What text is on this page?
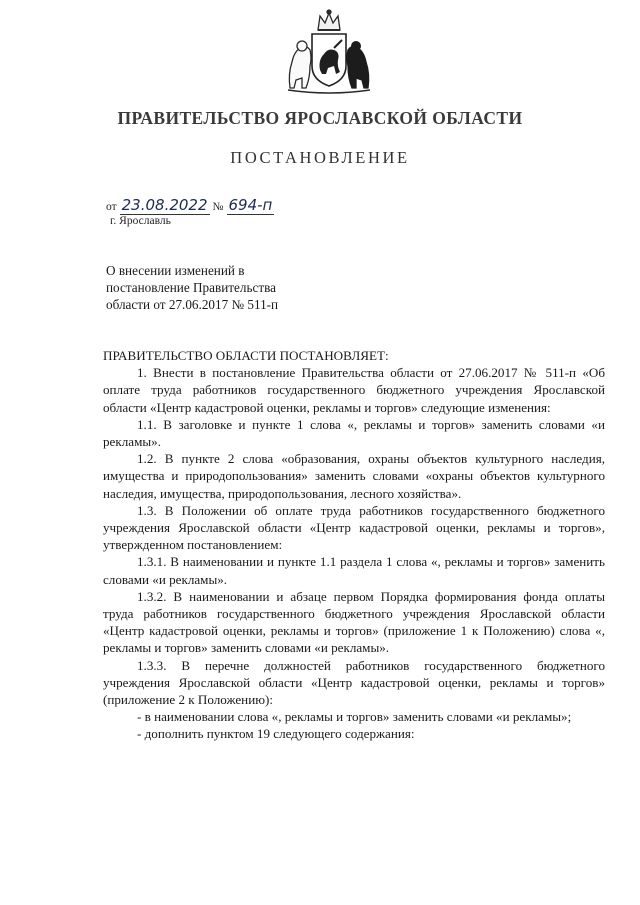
ПРАВИТЕЛЬСТВО ЯРОСЛАВСКОЙ ОБЛАСТИ
ПОСТАНОВЛЕНИЕ
от 23.08.2022 № 694-п
г. Ярославль
О внесении изменений в
постановление Правительства
области от 27.06.2017 № 511-п
ПРАВИТЕЛЬСТВО ОБЛАСТИ ПОСТАНОВЛЯЕТ:

1. Внести в постановление Правительства области от 27.06.2017 № 511-п «Об оплате труда работников государственного бюджетного учреждения Ярославской области «Центр кадастровой оценки, рекламы и торгов» следующие изменения:

1.1. В заголовке и пункте 1 слова «, рекламы и торгов» заменить словами «и рекламы».

1.2. В пункте 2 слова «образования, охраны объектов культурного наследия, имущества и природопользования» заменить словами «охраны объектов культурного наследия, имущества, природопользования, лесного хозяйства».

1.3. В Положении об оплате труда работников государственного бюджетного учреждения Ярославской области «Центр кадастровой оценки, рекламы и торгов», утвержденном постановлением:

1.3.1. В наименовании и пункте 1.1 раздела 1 слова «, рекламы и торгов» заменить словами «и рекламы».

1.3.2. В наименовании и абзаце первом Порядка формирования фонда оплаты труда работников государственного бюджетного учреждения Ярославской области «Центр кадастровой оценки, рекламы и торгов» (приложение 1 к Положению) слова «, рекламы и торгов» заменить словами «и рекламы».

1.3.3. В перечне должностей работников государственного бюджетного учреждения Ярославской области «Центр кадастровой оценки, рекламы и торгов» (приложение 2 к Положению):

- в наименовании слова «, рекламы и торгов» заменить словами «и рекламы»;

- дополнить пунктом 19 следующего содержания:
